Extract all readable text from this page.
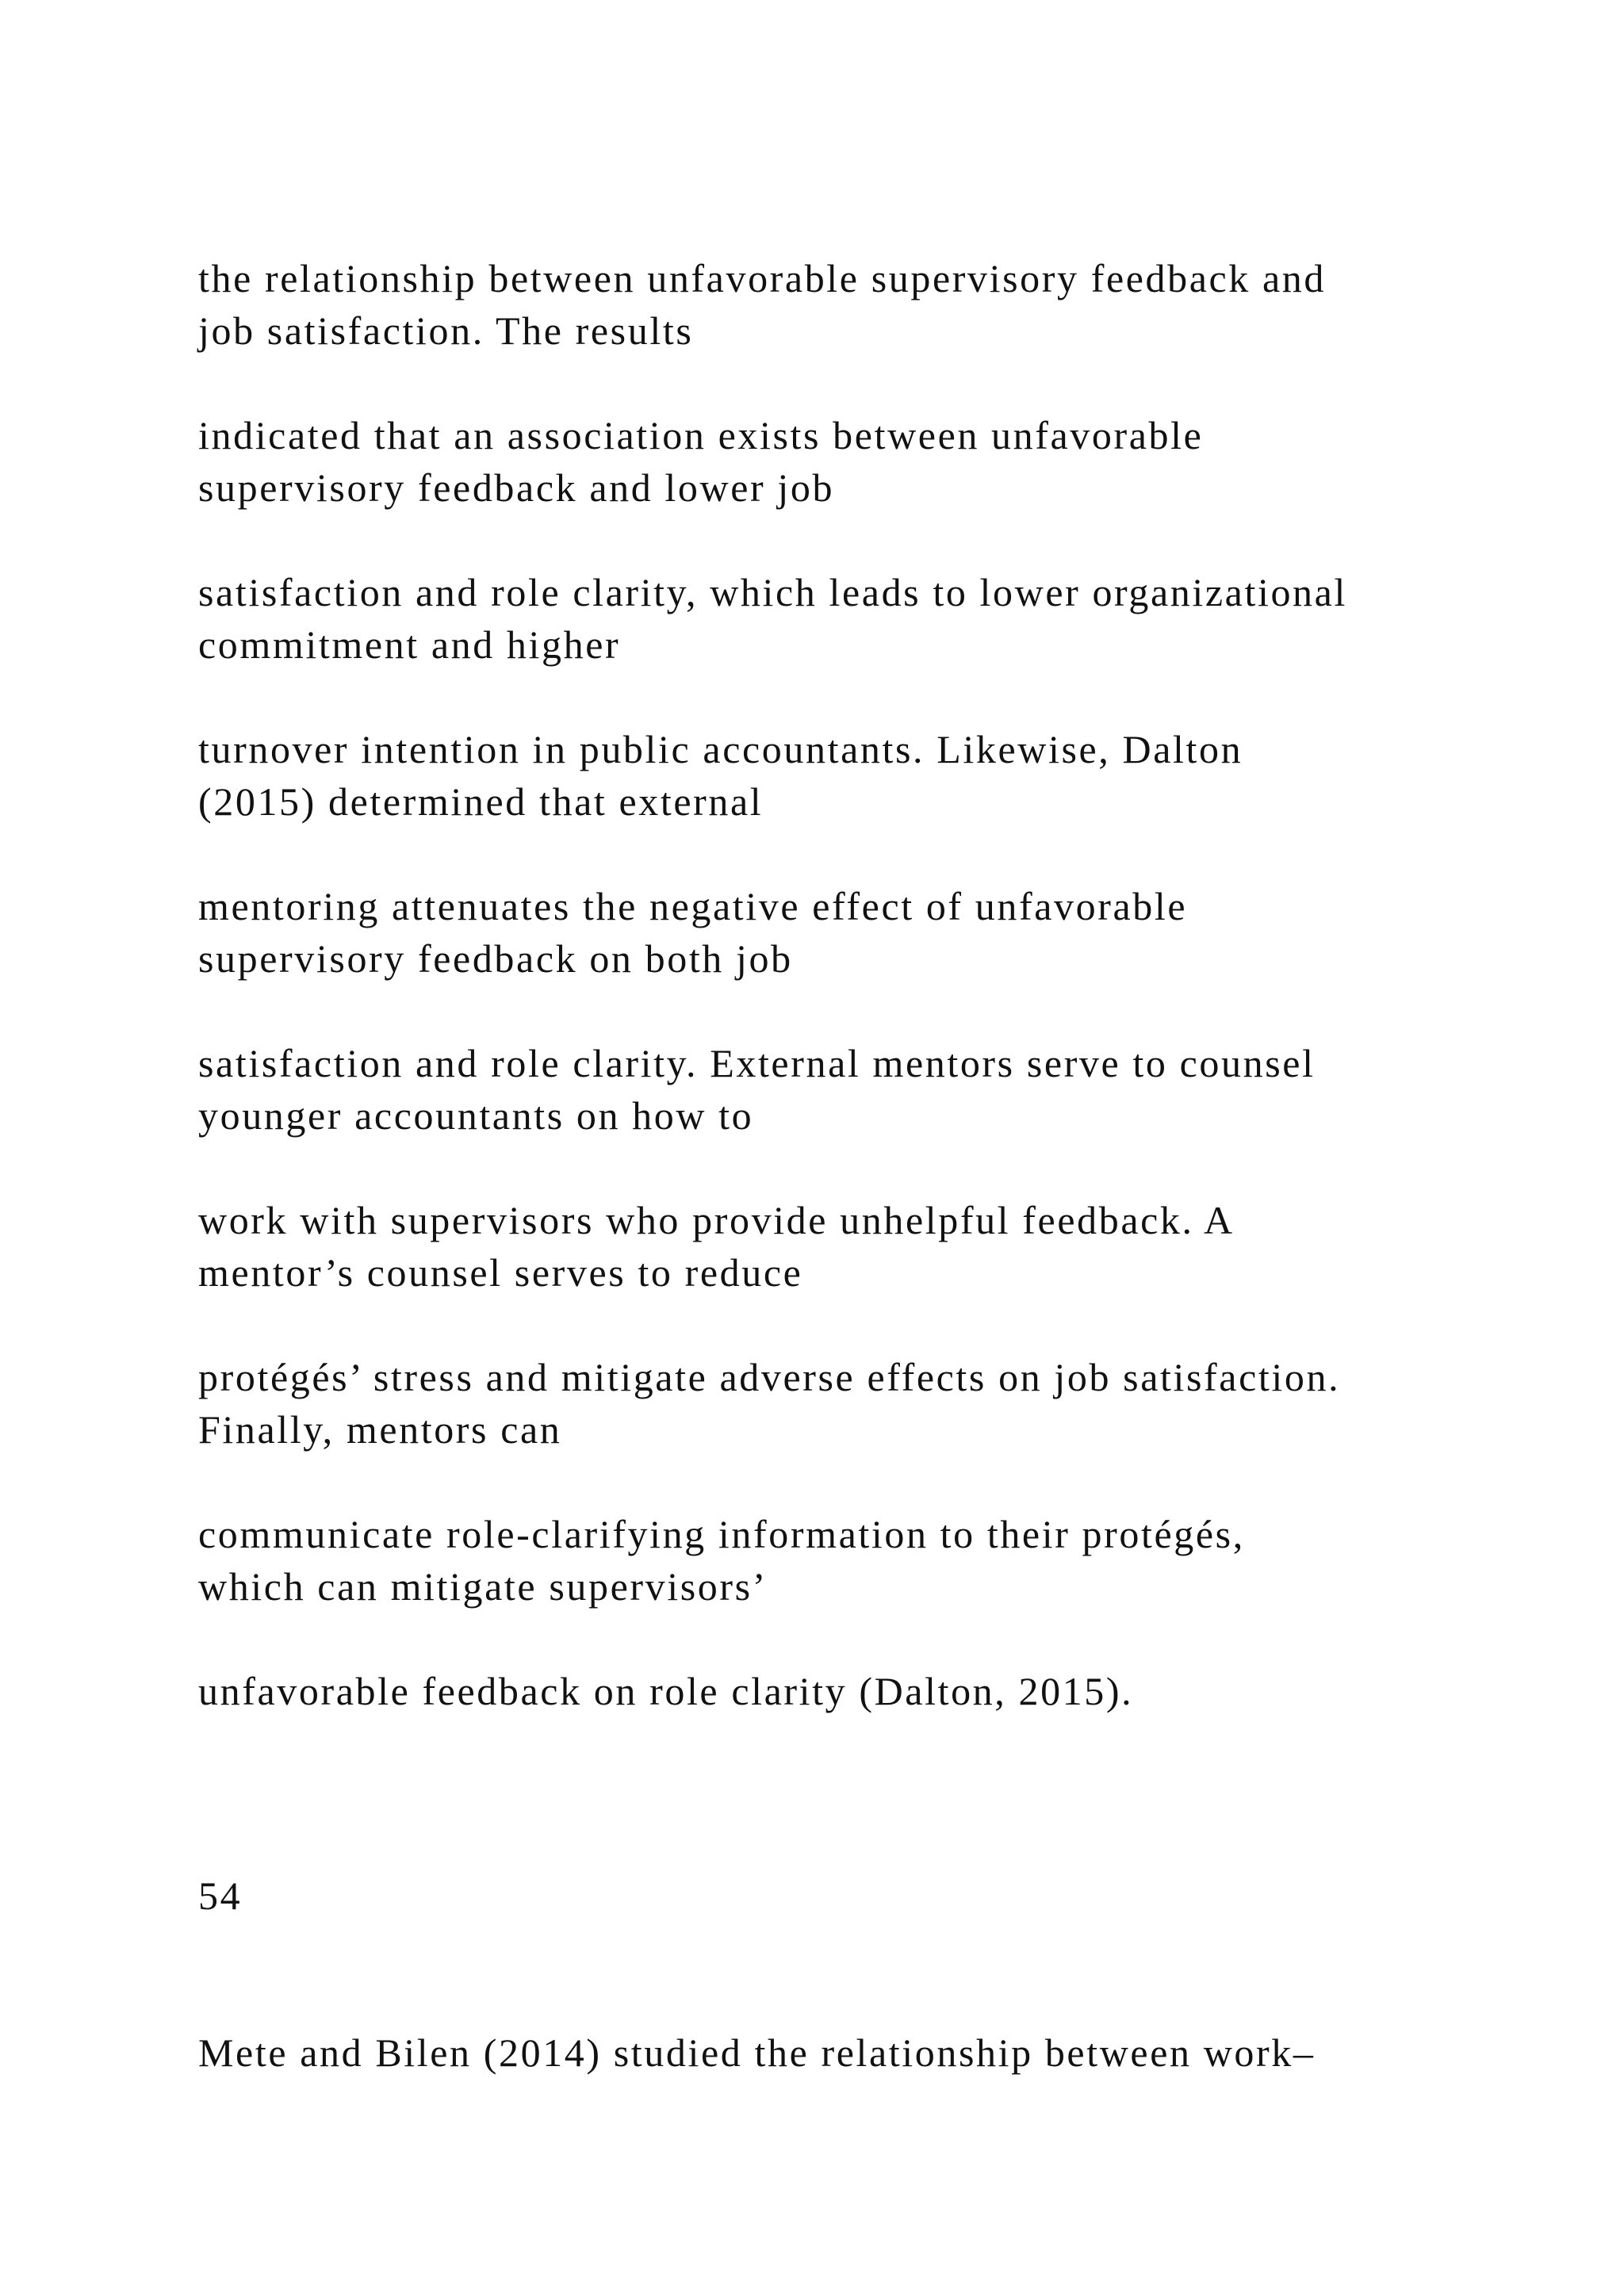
the relationship between unfavorable supervisory feedback and
job satisfaction. The results

indicated that an association exists between unfavorable
supervisory feedback and lower job

satisfaction and role clarity, which leads to lower organizational
commitment and higher

turnover intention in public accountants. Likewise, Dalton
(2015) determined that external

mentoring attenuates the negative effect of unfavorable
supervisory feedback on both job

satisfaction and role clarity. External mentors serve to counsel
younger accountants on how to

work with supervisors who provide unhelpful feedback. A
mentor’s counsel serves to reduce

protégés’ stress and mitigate adverse effects on job satisfaction.
Finally, mentors can

communicate role-clarifying information to their protégés,
which can mitigate supervisors’

unfavorable feedback on role clarity (Dalton, 2015).

54

Mete and Bilen (2014) studied the relationship between work–
